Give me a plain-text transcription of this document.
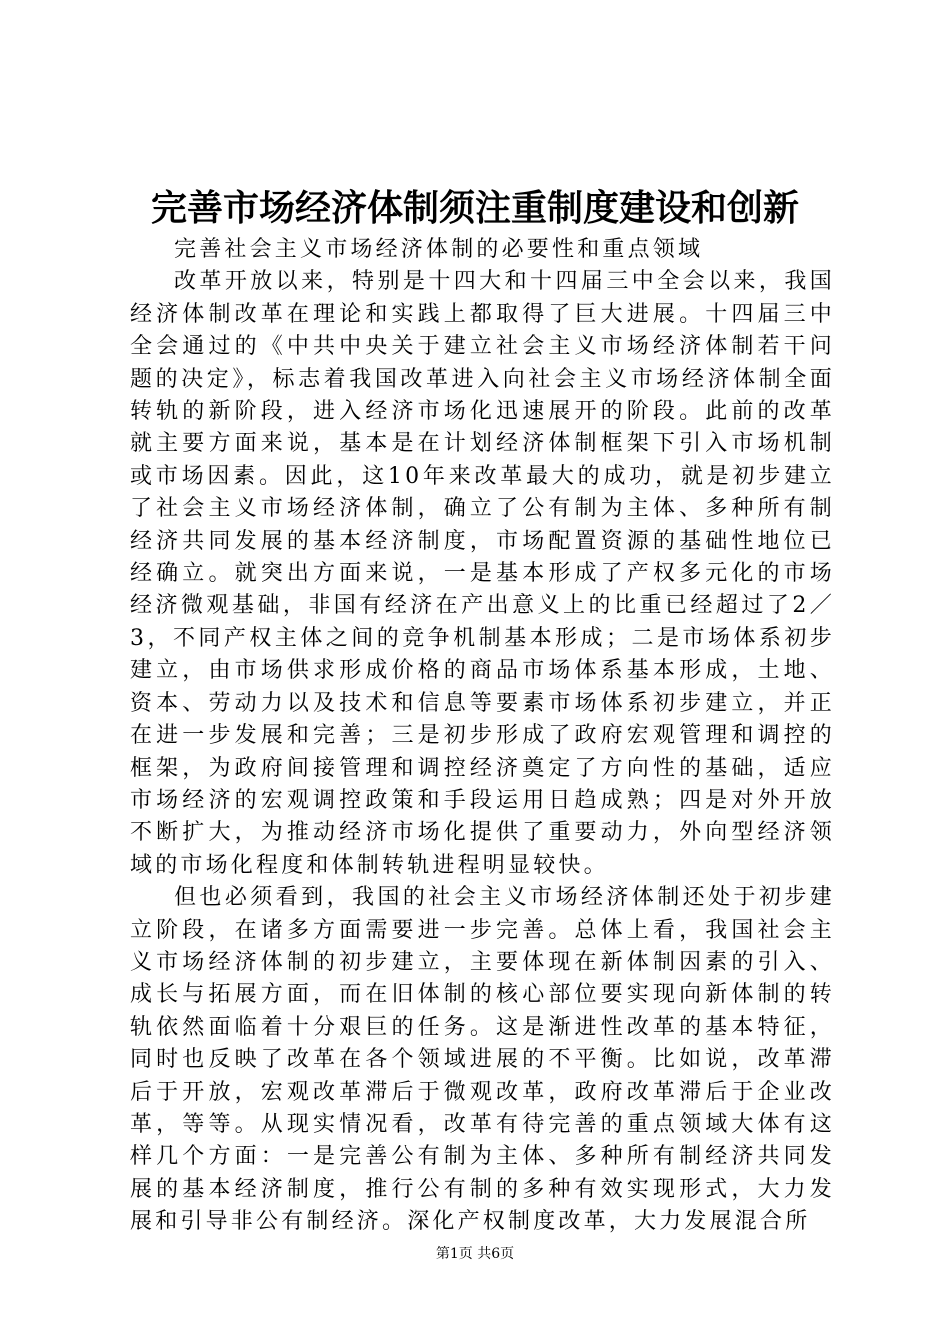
完善市场经济体制须注重制度建设和创新

完善社会主义市场经济体制的必要性和重点领域

改革开放以来，特别是十四大和十四届三中全会以来，我国经济体制改革在理论和实践上都取得了巨大进展。十四届三中全会通过的《中共中央关于建立社会主义市场经济体制若干问题的决定》，标志着我国改革进入向社会主义市场经济体制全面转轨的新阶段，进入经济市场化迅速展开的阶段。此前的改革就主要方面来说，基本是在计划经济体制框架下引入市场机制或市场因素。因此，这10年来改革最大的成功，就是初步建立了社会主义市场经济体制，确立了公有制为主体、多种所有制经济共同发展的基本经济制度，市场配置资源的基础性地位已经确立。就突出方面来说，一是基本形成了产权多元化的市场经济微观基础，非国有经济在产出意义上的比重已经超过了2／3，不同产权主体之间的竞争机制基本形成；二是市场体系初步建立，由市场供求形成价格的商品市场体系基本形成，土地、资本、劳动力以及技术和信息等要素市场体系初步建立，并正在进一步发展和完善；三是初步形成了政府宏观管理和调控的框架，为政府间接管理和调控经济奠定了方向性的基础，适应市场经济的宏观调控政策和手段运用日趋成熟；四是对外开放不断扩大，为推动经济市场化提供了重要动力，外向型经济领域的市场化程度和体制转轨进程明显较快。

但也必须看到，我国的社会主义市场经济体制还处于初步建立阶段，在诸多方面需要进一步完善。总体上看，我国社会主义市场经济体制的初步建立，主要体现在新体制因素的引入、成长与拓展方面，而在旧体制的核心部位要实现向新体制的转轨依然面临着十分艰巨的任务。这是渐进性改革的基本特征，同时也反映了改革在各个领域进展的不平衡。比如说，改革滞后于开放，宏观改革滞后于微观改革，政府改革滞后于企业改革，等等。从现实情况看，改革有待完善的重点领域大体有这样几个方面：一是完善公有制为主体、多种所有制经济共同发展的基本经济制度，推行公有制的多种有效实现形式，大力发展和引导非公有制经济。深化产权制度改革，大力发展混合所

第1页 共6页
